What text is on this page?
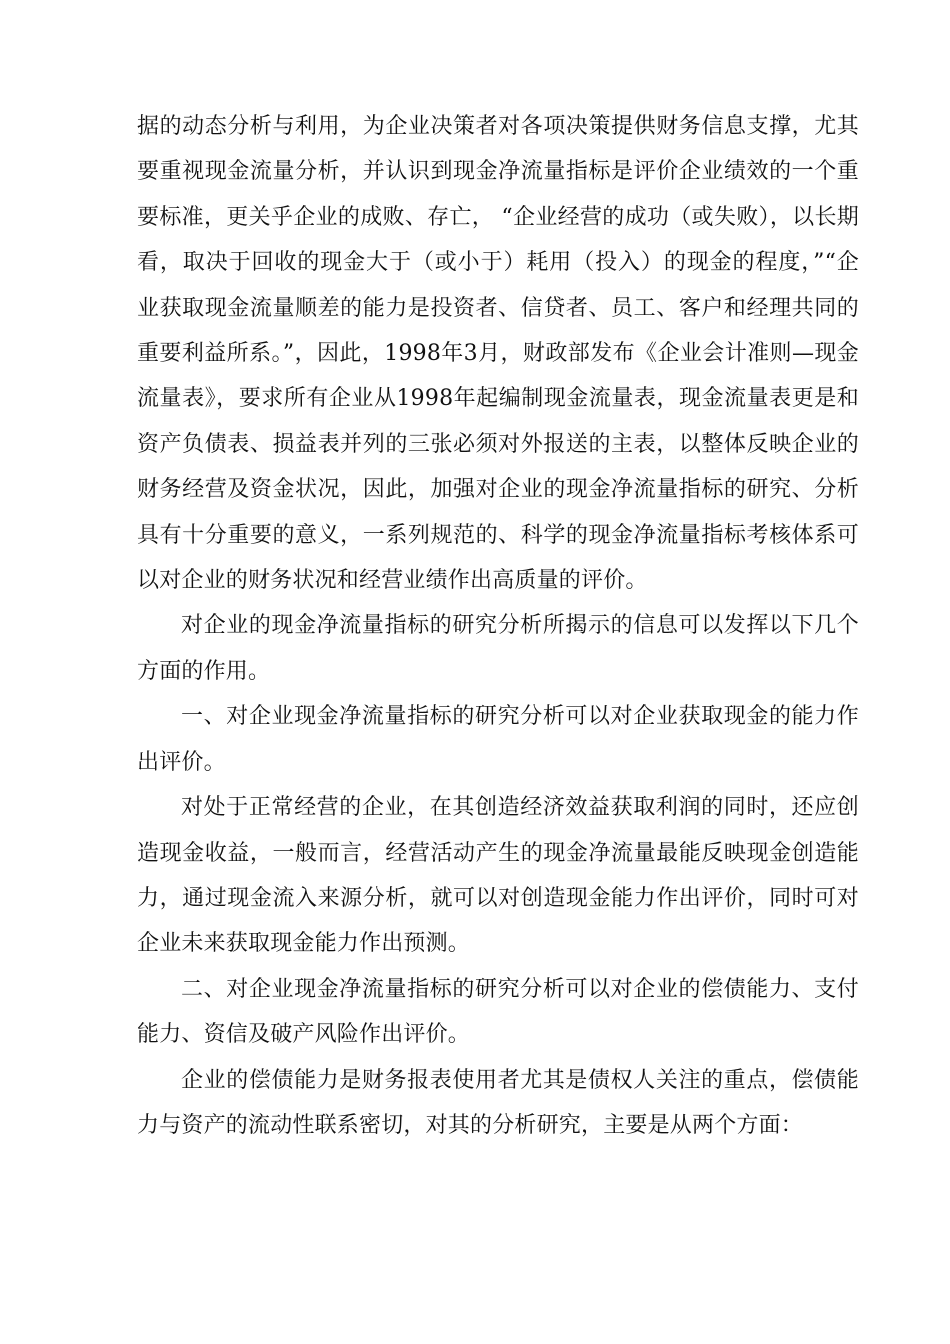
据的动态分析与利用，为企业决策者对各项决策提供财务信息支撑，尤其要重视现金流量分析，并认识到现金净流量指标是评价企业绩效的一个重要标准，更关乎企业的成败、存亡， “企业经营的成功（或失败），以长期看，取决于回收的现金大于（或小于）耗用（投入）的现金的程度，”“企业获取现金流量顺差的能力是投资者、信贷者、员工、客户和经理共同的重要利益所系。”，因此，1998年3月，财政部发布《企业会计准则—现金流量表》，要求所有企业从1998年起编制现金流量表，现金流量表更是和资产负债表、损益表并列的三张必须对外报送的主表，以整体反映企业的财务经营及资金状况，因此，加强对企业的现金净流量指标的研究、分析具有十分重要的意义，一系列规范的、科学的现金净流量指标考核体系可以对企业的财务状况和经营业绩作出高质量的评价。

对企业的现金净流量指标的研究分析所揭示的信息可以发挥以下几个方面的作用。

一、对企业现金净流量指标的研究分析可以对企业获取现金的能力作出评价。

对处于正常经营的企业，在其创造经济效益获取利润的同时，还应创造现金收益，一般而言，经营活动产生的现金净流量最能反映现金创造能力，通过现金流入来源分析，就可以对创造现金能力作出评价，同时可对企业未来获取现金能力作出预测。

二、对企业现金净流量指标的研究分析可以对企业的偿债能力、支付能力、资信及破产风险作出评价。

企业的偿债能力是财务报表使用者尤其是债权人关注的重点，偿债能力与资产的流动性联系密切，对其的分析研究，主要是从两个方面：
